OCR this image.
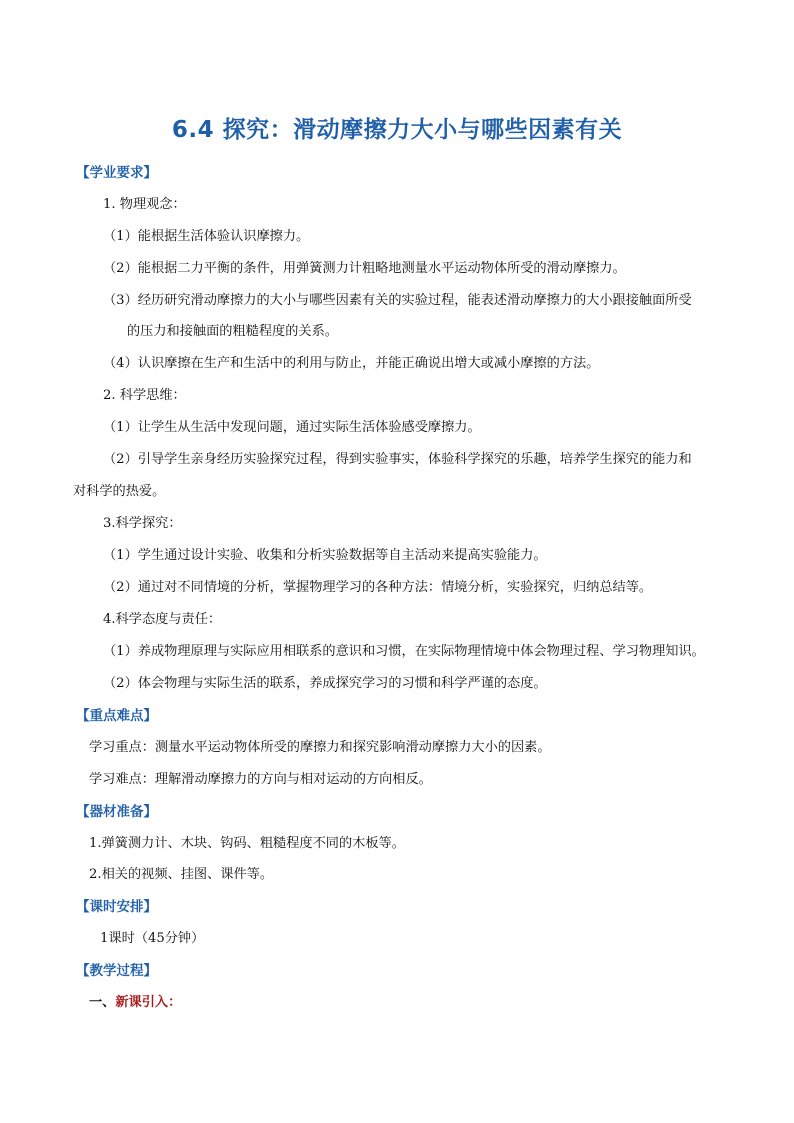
6.4 探究：滑动摩擦力大小与哪些因素有关
【学业要求】
1. 物理观念：
（1）能根据生活体验认识摩擦力。
（2）能根据二力平衡的条件，用弹簧测力计粗略地测量水平运动物体所受的滑动摩擦力。
（3）经历研究滑动摩擦力的大小与哪些因素有关的实验过程，能表述滑动摩擦力的大小跟接触面所受
的压力和接触面的粗糙程度的关系。
（4）认识摩擦在生产和生活中的利用与防止，并能正确说出增大或减小摩擦的方法。
2. 科学思维：
（1）让学生从生活中发现问题，通过实际生活体验感受摩擦力。
（2）引导学生亲身经历实验探究过程，得到实验事实，体验科学探究的乐趣，培养学生探究的能力和
对科学的热爱。
3.科学探究：
（1）学生通过设计实验、收集和分析实验数据等自主活动来提高实验能力。
（2）通过对不同情境的分析，掌握物理学习的各种方法：情境分析，实验探究，归纳总结等。
4.科学态度与责任：
（1）养成物理原理与实际应用相联系的意识和习惯，在实际物理情境中体会物理过程、学习物理知识。
（2）体会物理与实际生活的联系，养成探究学习的习惯和科学严谨的态度。
【重点难点】
学习重点：测量水平运动物体所受的摩擦力和探究影响滑动摩擦力大小的因素。
学习难点：理解滑动摩擦力的方向与相对运动的方向相反。
【器材准备】
1.弹簧测力计、木块、钩码、粗糙程度不同的木板等。
2.相关的视频、挂图、课件等。
【课时安排】
1课时（45分钟）
【教学过程】
一、新课引入：
